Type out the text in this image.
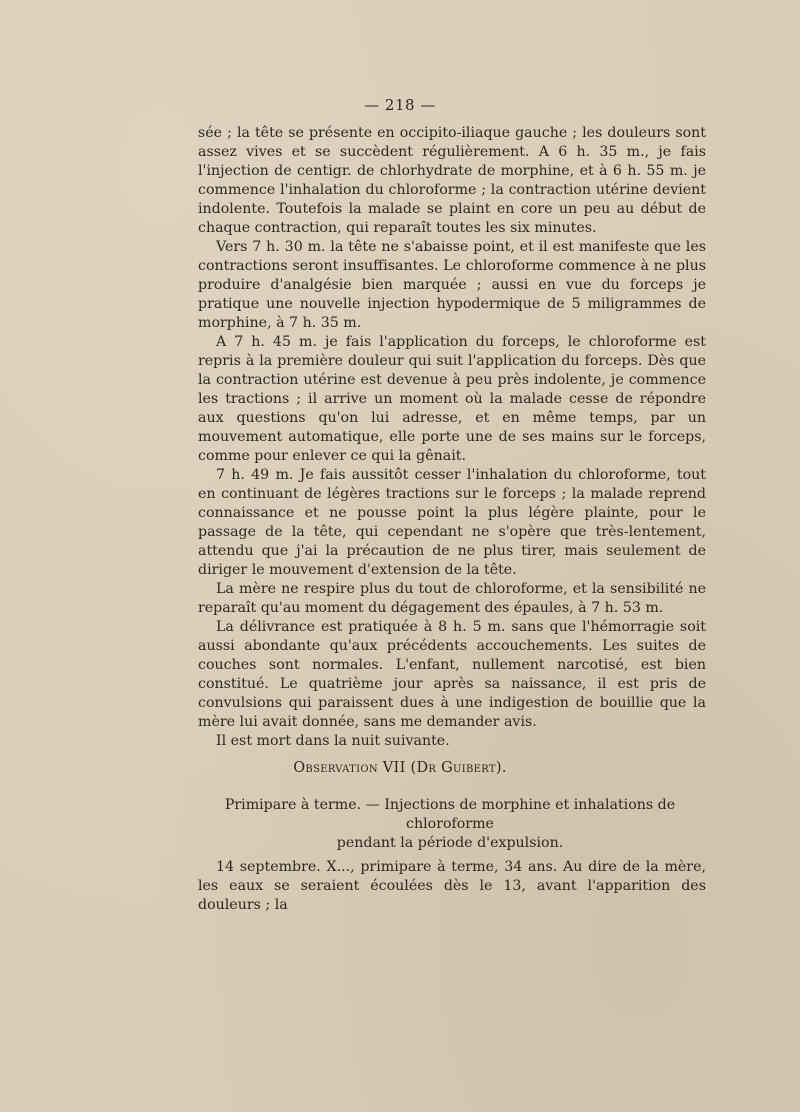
— 218 —

sée ; la tête se présente en occipito-iliaque gauche ; les douleurs sont assez vives et se succèdent régulièrement. A 6 h. 35 m., je fais l'injection de centigr. de chlorhydrate de morphine, et à 6 h. 55 m. je commence l'inhalation du chloroforme ; la contraction utérine devient indolente. Toutefois la malade se plaint en core un peu au début de chaque contraction, qui reparaît toutes les six minutes.

Vers 7 h. 30 m. la tête ne s'abaisse point, et il est manifeste que les contractions seront insuffisantes. Le chloroforme commence à ne plus produire d'analgésie bien marquée ; aussi en vue du forceps je pratique une nouvelle injection hypodermique de 5 miligrammes de morphine, à 7 h. 35 m.

A 7 h. 45 m. je fais l'application du forceps, le chloroforme est repris à la première douleur qui suit l'application du forceps. Dès que la contraction utérine est devenue à peu près indolente, je commence les tractions ; il arrive un moment où la malade cesse de répondre aux questions qu'on lui adresse, et en même temps, par un mouvement automatique, elle porte une de ses mains sur le forceps, comme pour enlever ce qui la gênait.

7 h. 49 m. Je fais aussitôt cesser l'inhalation du chloroforme, tout en continuant de légères tractions sur le forceps ; la malade reprend connaissance et ne pousse point la plus légère plainte, pour le passage de la tête, qui cependant ne s'opère que très-lentement, attendu que j'ai la précaution de ne plus tirer, mais seulement de diriger le mouvement d'extension de la tête.

La mère ne respire plus du tout de chloroforme, et la sensibilité ne reparaît qu'au moment du dégagement des épaules, à 7 h. 53 m.

La délivrance est pratiquée à 8 h. 5 m. sans que l'hémorragie soit aussi abondante qu'aux précédents accouchements. Les suites de couches sont normales. L'enfant, nullement narcotisé, est bien constitué. Le quatrième jour après sa naissance, il est pris de convulsions qui paraissent dues à une indigestion de bouillie que la mère lui avait donnée, sans me demander avis.

Il est mort dans la nuit suivante.

Observation VII (Dr Guibert).
Primipare à terme. — Injections de morphine et inhalations de chloroforme
pendant la période d'expulsion.

14 septembre. X..., primipare à terme, 34 ans. Au dire de la mère, les eaux se seraient écoulées dès le 13, avant l'apparition des douleurs ; la
